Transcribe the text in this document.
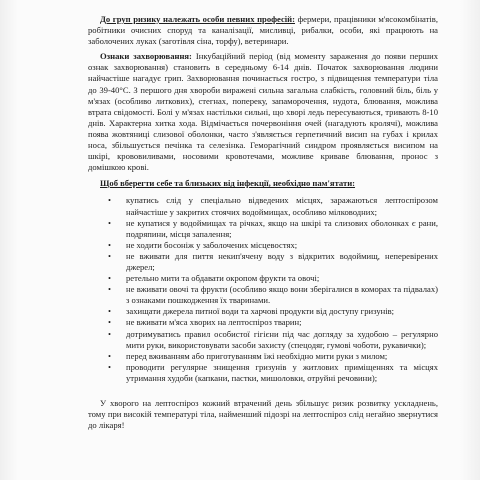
До груп ризику належать особи певних професій: фермери, працівники м'ясокомбінатів, робітники очисних споруд та каналізації, мисливці, рибалки, особи, які працюють на заболочених луках (заготівля сіна, торфу), ветеринари.

Ознаки захворювання: Інкубаційний період (від моменту зараження до появи перших ознак захворювання) становить в середньому 6-14 днів. Початок захворювання людини найчастіше нагадує грип. Захворювання починається гостро, з підвищення температури тіла до 39-40°С. З першого дня хвороби виражені сильна загальна слабкість, головний біль, біль у м'язах (особливо литкових), стегнах, попереку, запаморочення, нудота, блювання, можлива втрата свідомості. Болі у м'язах настільки сильні, що хворі ледь пересуваються, тривають 8-10 днів. Характерна хитка хода. Відмічається почервоніння очей (нагадують кролячі), можлива поява жовтяниці слизової оболонки, часто з'являється герпетичний висип на губах і крилах носа, збільшується печінка та селезінка. Геморагічний синдром проявляється висипом на шкірі, крововиливами, носовими кровотечами, можливе криваве блювання, пронос з домішкою крові.

Щоб вберегти себе та близьких від інфекції, необхідно пам'ятати:

•	купатись слід у спеціально відведених місцях, заражаються лептоспірозом найчастіше у закритих стоячих водоймищах, особливо мілководних;
•	не купатися у водоймищах та річках, якщо на шкірі та слизових оболонках є рани, подряпини, місця запалення;
•	не ходити босоніж у заболочених місцевостях;
•	не вживати для пиття некип'ячену воду з відкритих водоймищ, неперевірених джерел;
•	ретельно мити та обдавати окропом фрукти та овочі;
•	не вживати овочі та фрукти (особливо якщо вони зберігалися в коморах та підвалах) з ознаками пошкодження їх тваринами.
•	захищати джерела питної води та харчові продукти від доступу гризунів;
•	не вживати м'яса хворих на лептоспіроз тварин;
•	дотримуватись правил особистої гігієни під час догляду за худобою – регулярно мити руки, використовувати засоби захисту (спецодяг, гумові чоботи, рукавички);
•	перед вживанням або приготуванням їжі необхідно мити руки з милом;
•	проводити регулярне знищення гризунів у житлових приміщеннях та місцях утримання худоби (капкани, пастки, мишоловки, отруйні речовини);

У хворого на лептоспіроз кожний втрачений день збільшує ризик розвитку ускладнень, тому при високій температурі тіла, найменший підозрі на лептоспіроз слід негайно звернутися до лікаря!
